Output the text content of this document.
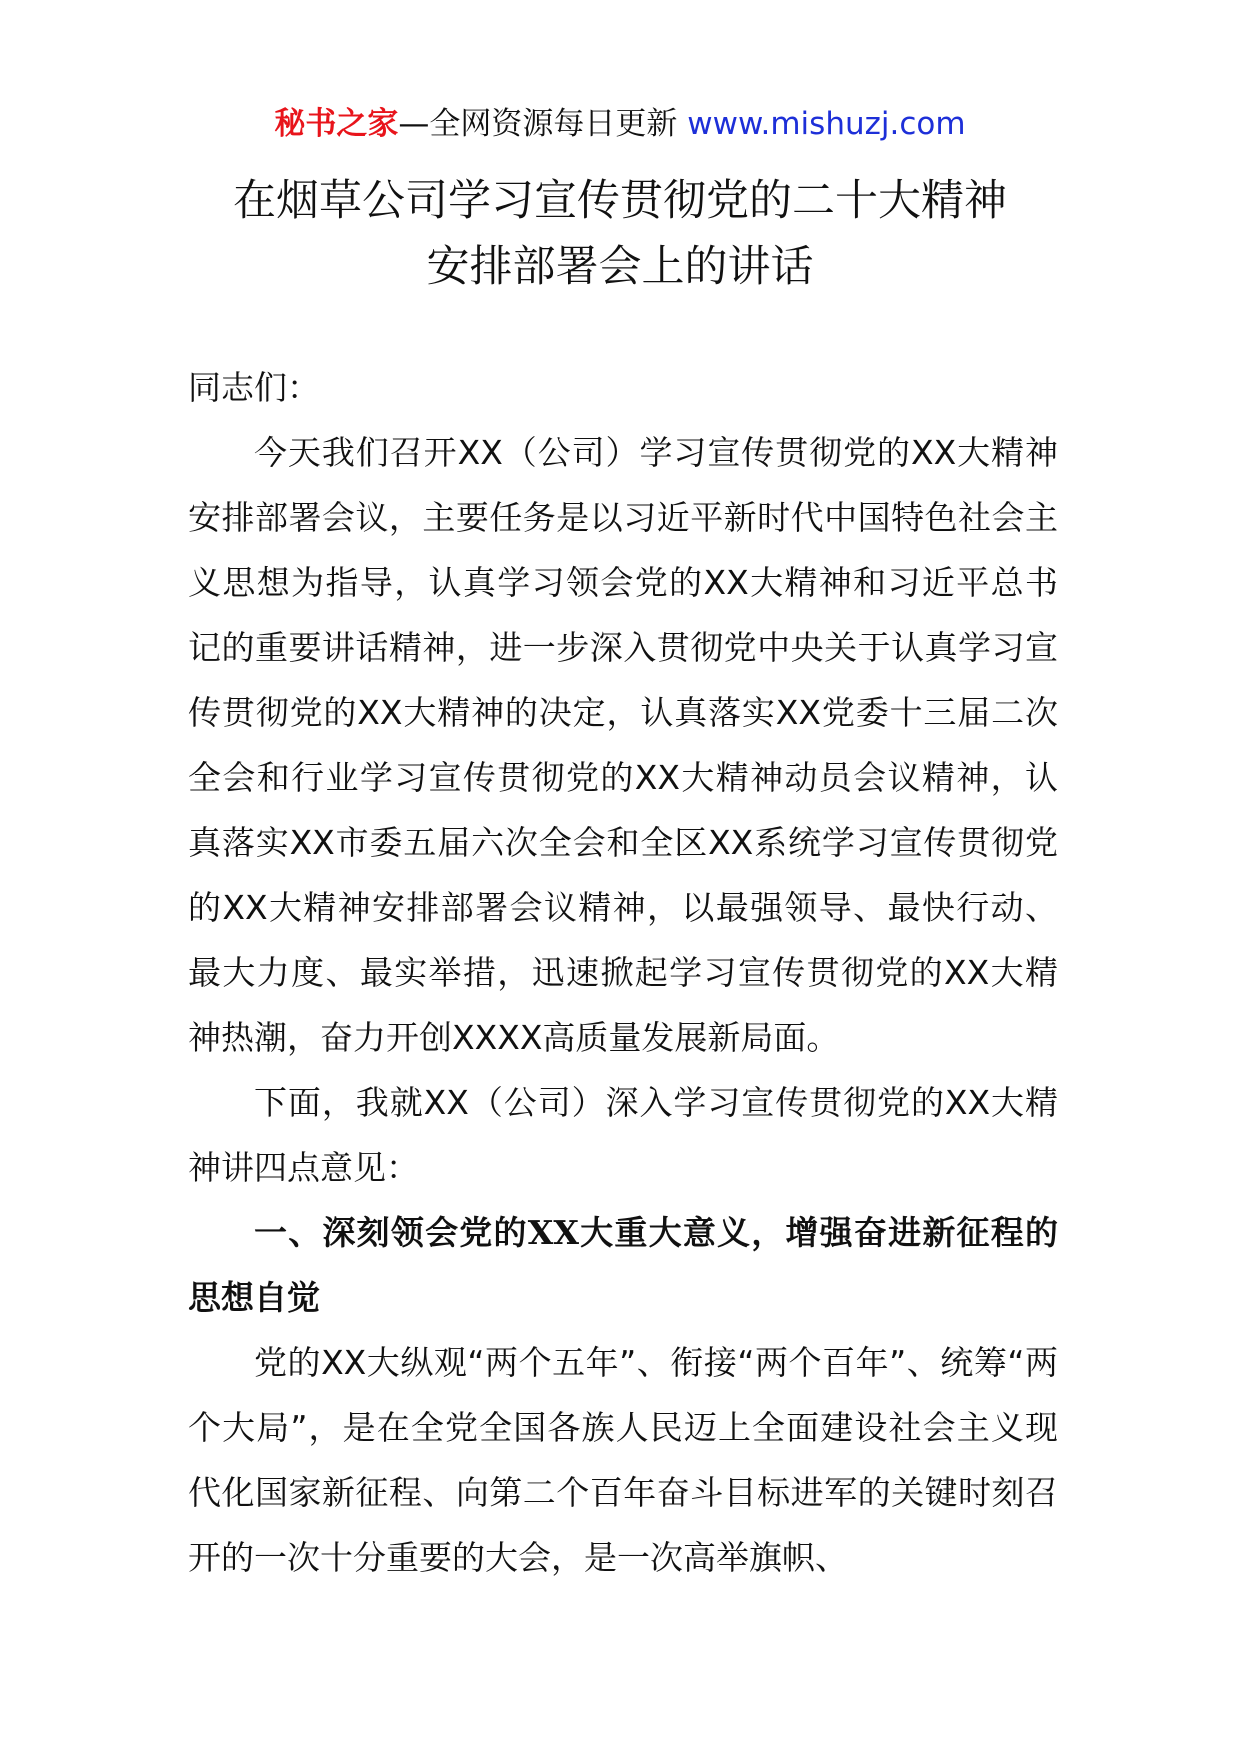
秘书之家—全网资源每日更新 www.mishuzj.com
在烟草公司学习宣传贯彻党的二十大精神
安排部署会上的讲话

同志们：

今天我们召开XX（公司）学习宣传贯彻党的XX大精神安排部署会议，主要任务是以习近平新时代中国特色社会主义思想为指导，认真学习领会党的XX大精神和习近平总书记的重要讲话精神，进一步深入贯彻党中央关于认真学习宣传贯彻党的XX大精神的决定，认真落实XX党委十三届二次全会和行业学习宣传贯彻党的XX大精神动员会议精神，认真落实XX市委五届六次全会和全区XX系统学习宣传贯彻党的XX大精神安排部署会议精神，以最强领导、最快行动、最大力度、最实举措，迅速掀起学习宣传贯彻党的XX大精神热潮，奋力开创XXXX高质量发展新局面。

下面，我就XX（公司）深入学习宣传贯彻党的XX大精神讲四点意见：

一、深刻领会党的XX大重大意义，增强奋进新征程的思想自觉

党的XX大纵观“两个五年”、衔接“两个百年”、统筹“两个大局”，是在全党全国各族人民迈上全面建设社会主义现代化国家新征程、向第二个百年奋斗目标进军的关键时刻召开的一次十分重要的大会，是一次高举旗帜、
